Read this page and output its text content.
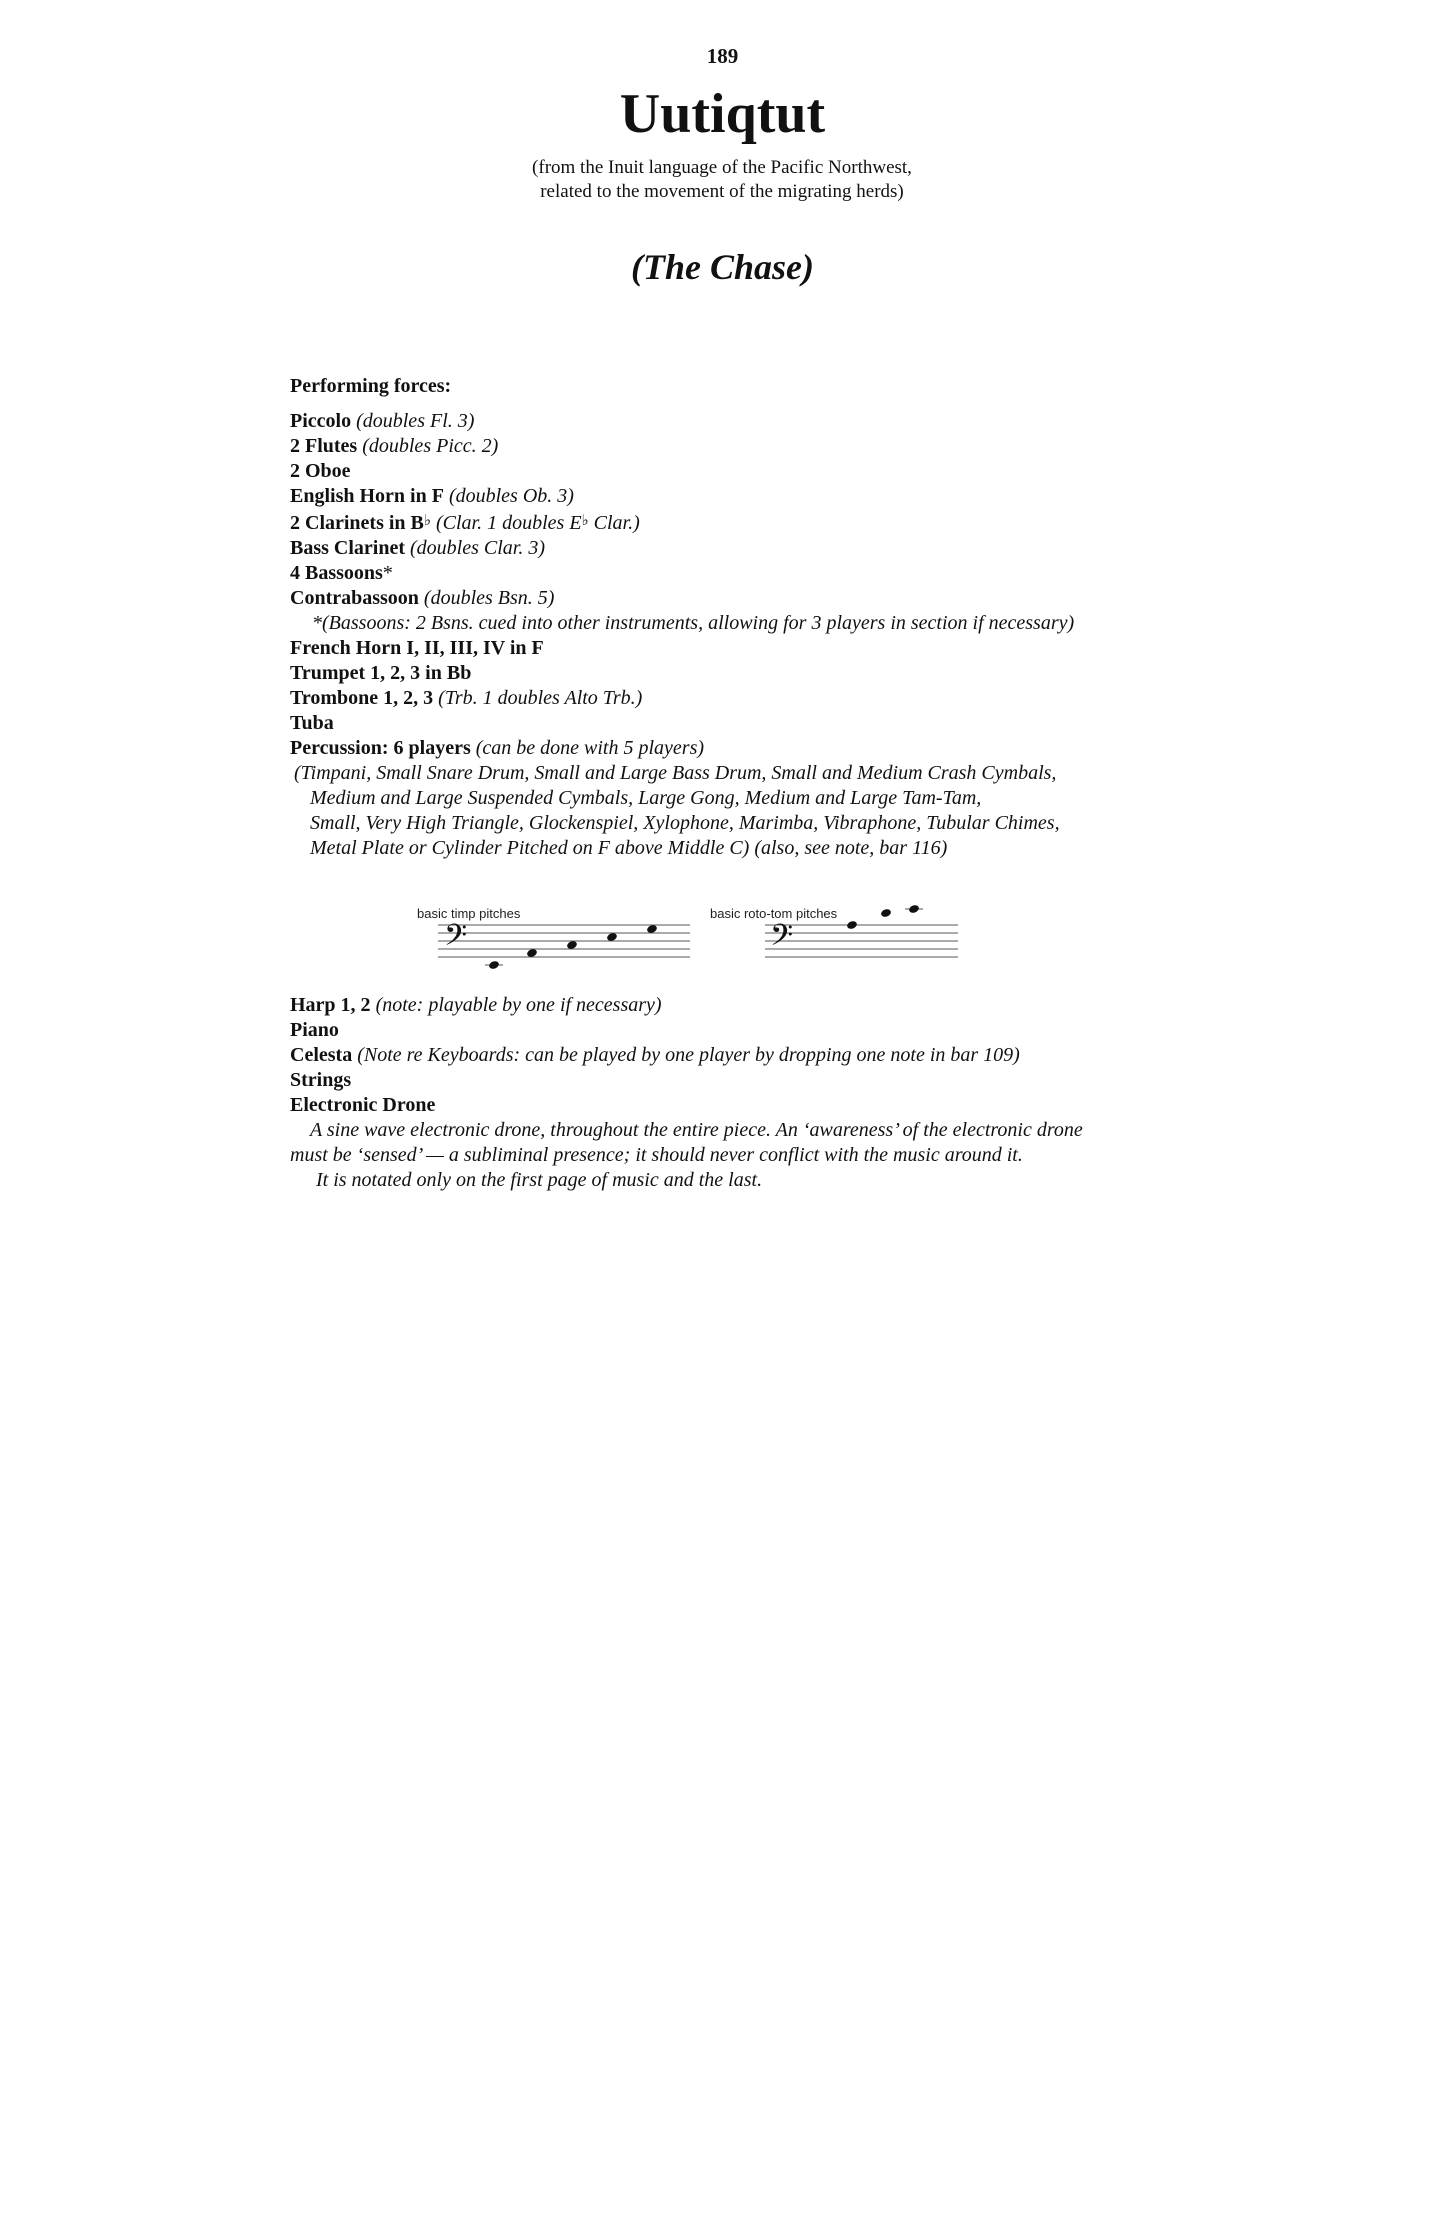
189
Uutiqtut
(from the Inuit language of the Pacific Northwest, related to the movement of the migrating herds)
(The Chase)
Performing forces:
Piccolo (doubles Fl. 3)
2 Flutes (doubles Picc. 2)
2 Oboe
English Horn in F (doubles Ob. 3)
2 Clarinets in B♭ (Clar. 1 doubles E♭ Clar.)
Bass Clarinet (doubles Clar. 3)
4 Bassoons*
Contrabassoon (doubles Bsn. 5)
*(Bassoons: 2 Bsns. cued into other instruments, allowing for 3 players in section if necessary)
French Horn I, II, III, IV in F
Trumpet 1, 2, 3 in Bb
Trombone 1, 2, 3 (Trb. 1 doubles Alto Trb.)
Tuba
Percussion: 6 players (can be done with 5 players)
(Timpani, Small Snare Drum, Small and Large Bass Drum, Small and Medium Crash Cymbals,
Medium and Large Suspended Cymbals, Large Gong, Medium and Large Tam-Tam,
Small, Very High Triangle, Glockenspiel, Xylophone, Marimba, Vibraphone, Tubular Chimes,
Metal Plate or Cylinder Pitched on F above Middle C) (also, see note, bar 116)
basic timp pitches	basic roto-tom pitches
𝄢	𝄢
Harp 1, 2 (note: playable by one if necessary)
Piano
Celesta (Note re Keyboards: can be played by one player by dropping one note in bar 109)
Strings
Electronic Drone
A sine wave electronic drone, throughout the entire piece. An ‘awareness’ of the electronic drone
must be ‘sensed’ — a subliminal presence; it should never conflict with the music around it.
It is notated only on the first page of music and the last.
